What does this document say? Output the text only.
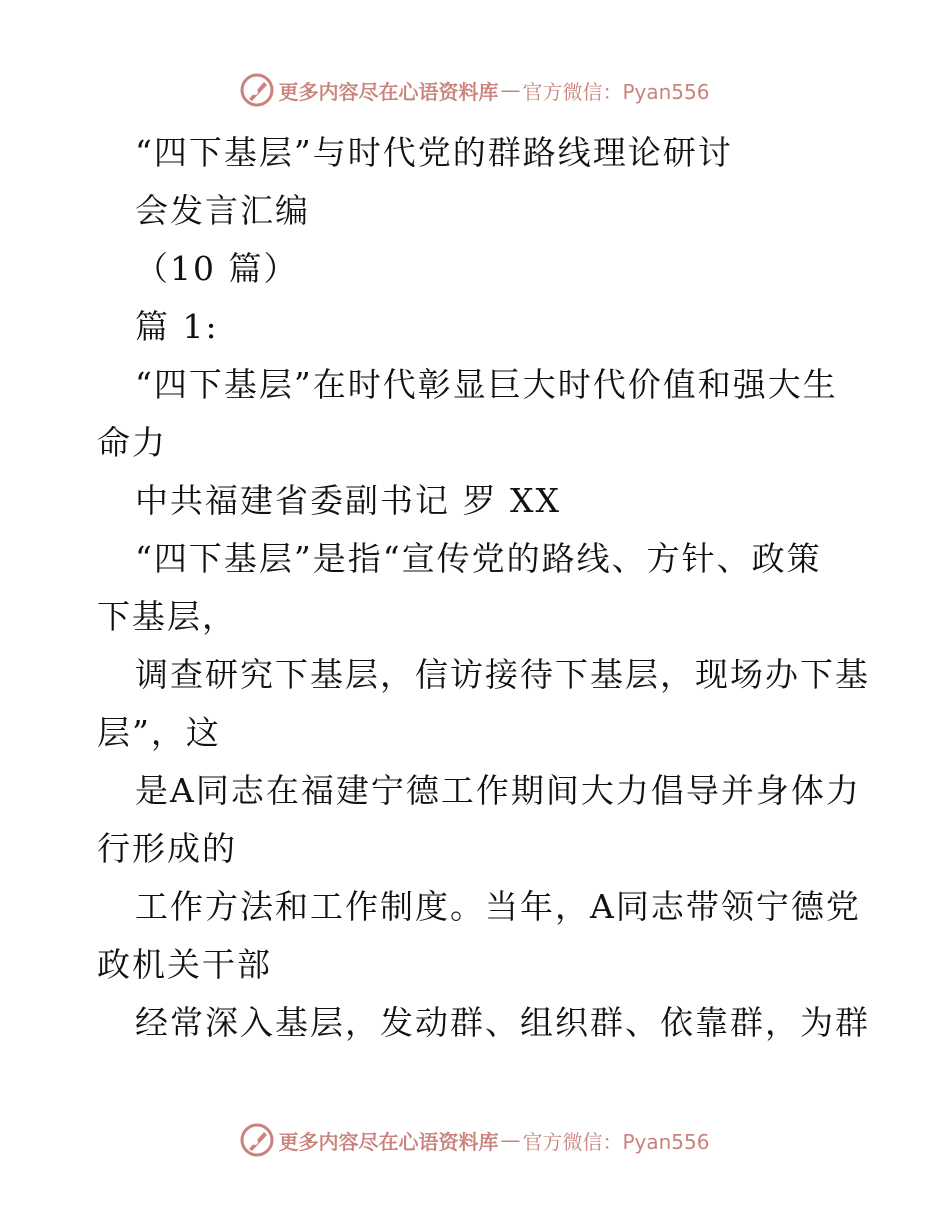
更多内容尽在心语资料库 — 官方微信：Pyan556
“四下基层”与时代党的群路线理论研讨
会发言汇编
（10 篇）
篇 1:
“四下基层”在时代彰显巨大时代价值和强大生
命力
中共福建省委副书记 罗 XX
“四下基层”是指“宣传党的路线、方针、政策
下基层，
调查研究下基层，信访接待下基层，现场办下基
层”，这
是A同志在福建宁德工作期间大力倡导并身体力
行形成的
工作方法和工作制度。当年，A同志带领宁德党
政机关干部
经常深入基层，发动群、组织群、依靠群，为群
更多内容尽在心语资料库 — 官方微信：Pyan556
